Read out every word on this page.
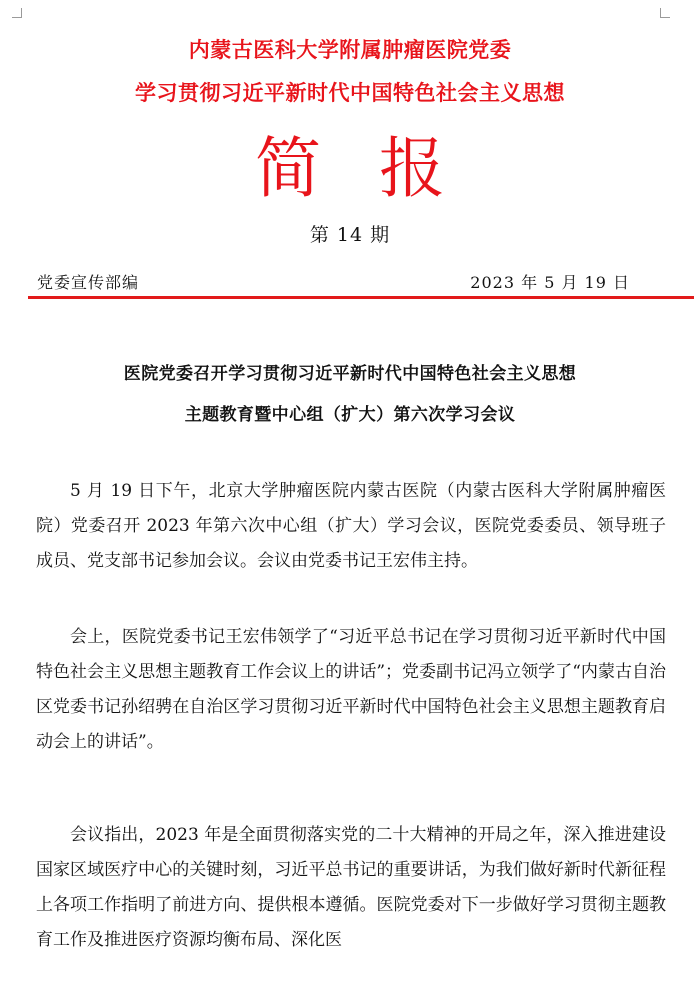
内蒙古医科大学附属肿瘤医院党委
学习贯彻习近平新时代中国特色社会主义思想
简报
第 14 期
党委宣传部编	2023 年 5 月 19 日
医院党委召开学习贯彻习近平新时代中国特色社会主义思想
主题教育暨中心组（扩大）第六次学习会议

5 月 19 日下午，北京大学肿瘤医院内蒙古医院（内蒙古医科大学附属肿瘤医院）党委召开 2023 年第六次中心组（扩大）学习会议，医院党委委员、领导班子成员、党支部书记参加会议。会议由党委书记王宏伟主持。

会上，医院党委书记王宏伟领学了“习近平总书记在学习贯彻习近平新时代中国特色社会主义思想主题教育工作会议上的讲话”；党委副书记冯立领学了“内蒙古自治区党委书记孙绍骋在自治区学习贯彻习近平新时代中国特色社会主义思想主题教育启动会上的讲话”。

会议指出，2023 年是全面贯彻落实党的二十大精神的开局之年，深入推进建设国家区域医疗中心的关键时刻，习近平总书记的重要讲话，为我们做好新时代新征程上各项工作指明了前进方向、提供根本遵循。医院党委对下一步做好学习贯彻主题教育工作及推进医疗资源均衡布局、深化医
